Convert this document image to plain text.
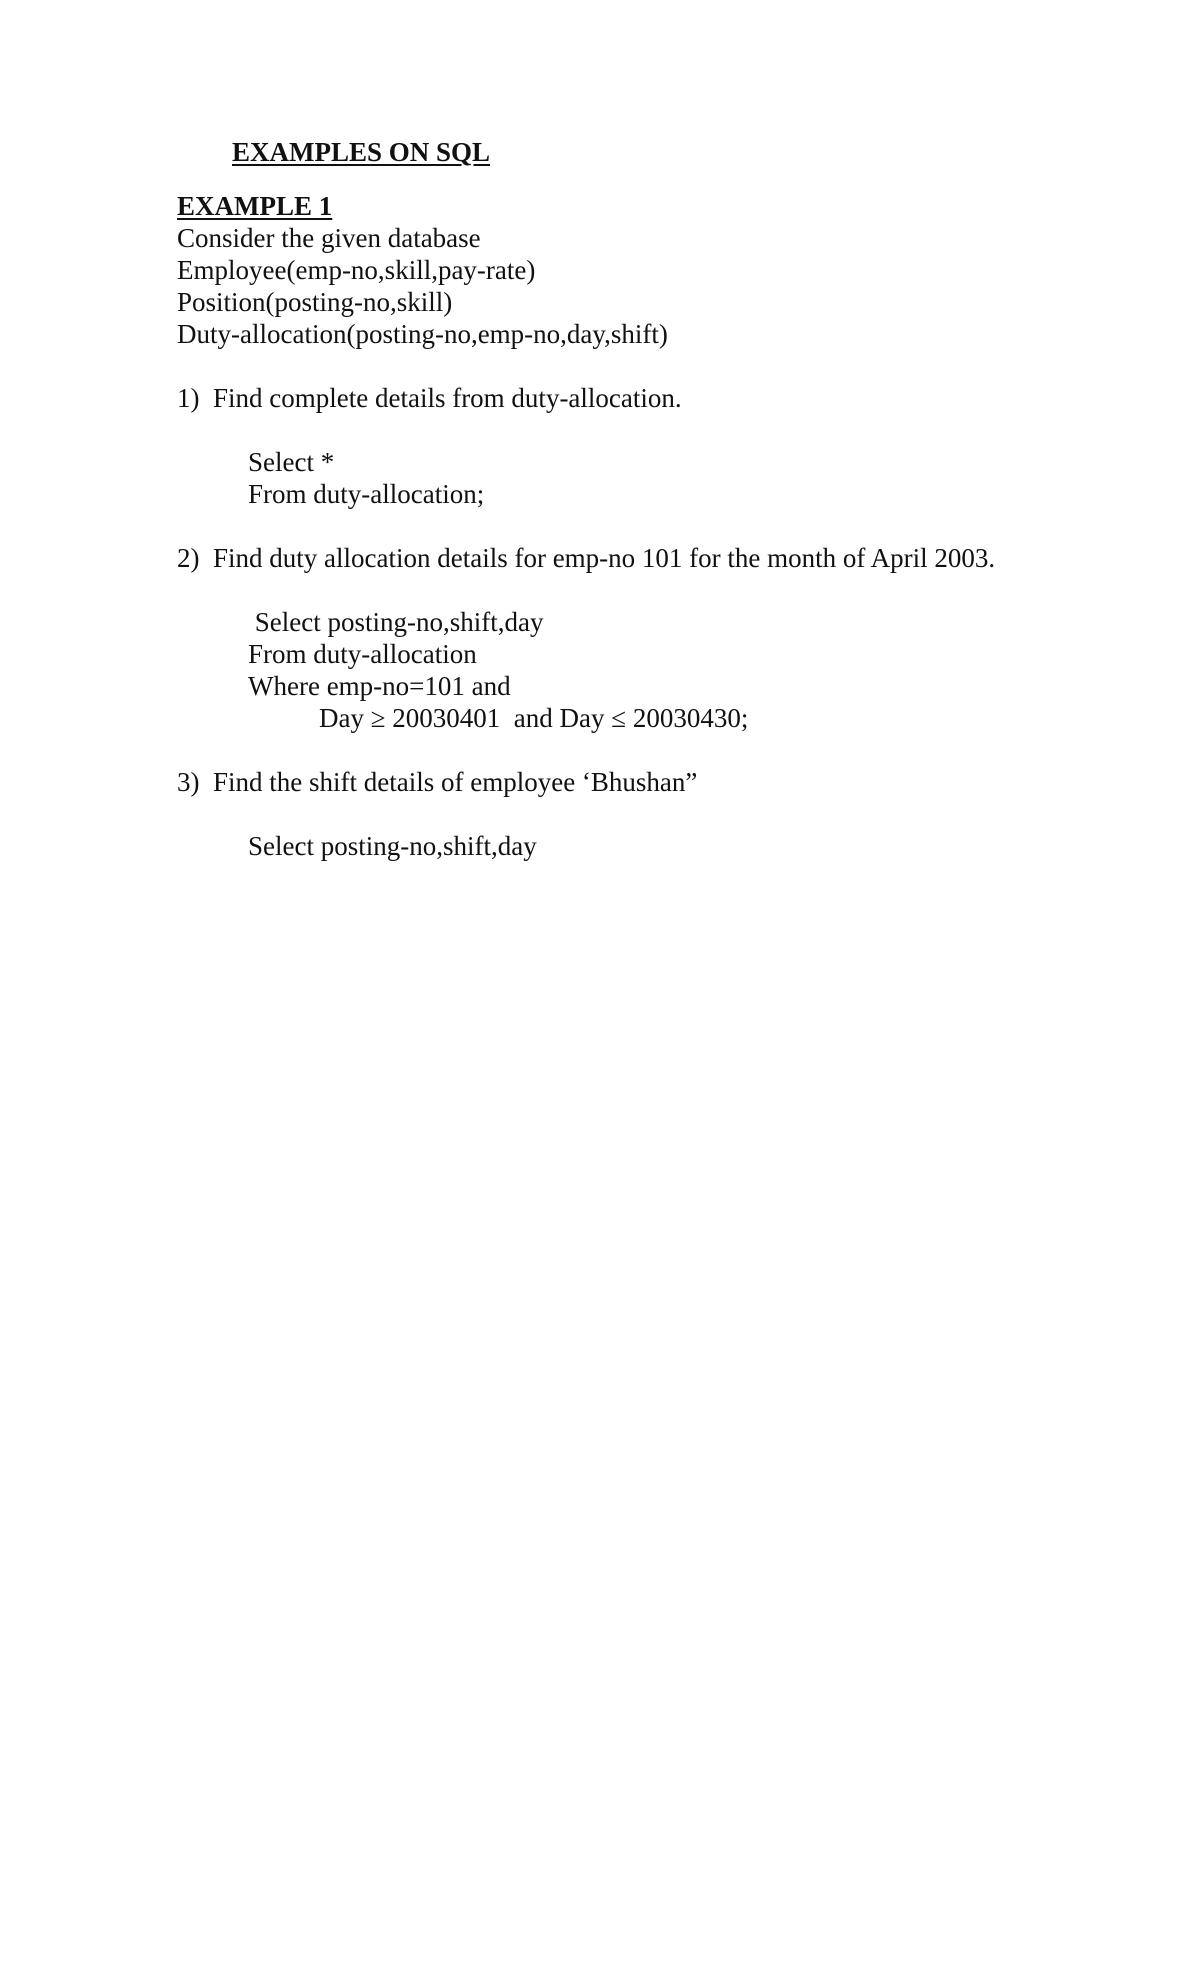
EXAMPLES ON SQL

EXAMPLE 1

Consider the given database

Employee(emp-no,skill,pay-rate)

Position(posting-no,skill)

Duty-allocation(posting-no,emp-no,day,shift)

1) Find complete details from duty-allocation.

Select *

From duty-allocation;

2) Find duty allocation details for emp-no 101 for the month of April 2003.

Select posting-no,shift,day

From duty-allocation

Where emp-no=101 and

Day ≥ 20030401  and Day ≤ 20030430;

3) Find the shift details of employee ‘Bhushan”

Select posting-no,shift,day
